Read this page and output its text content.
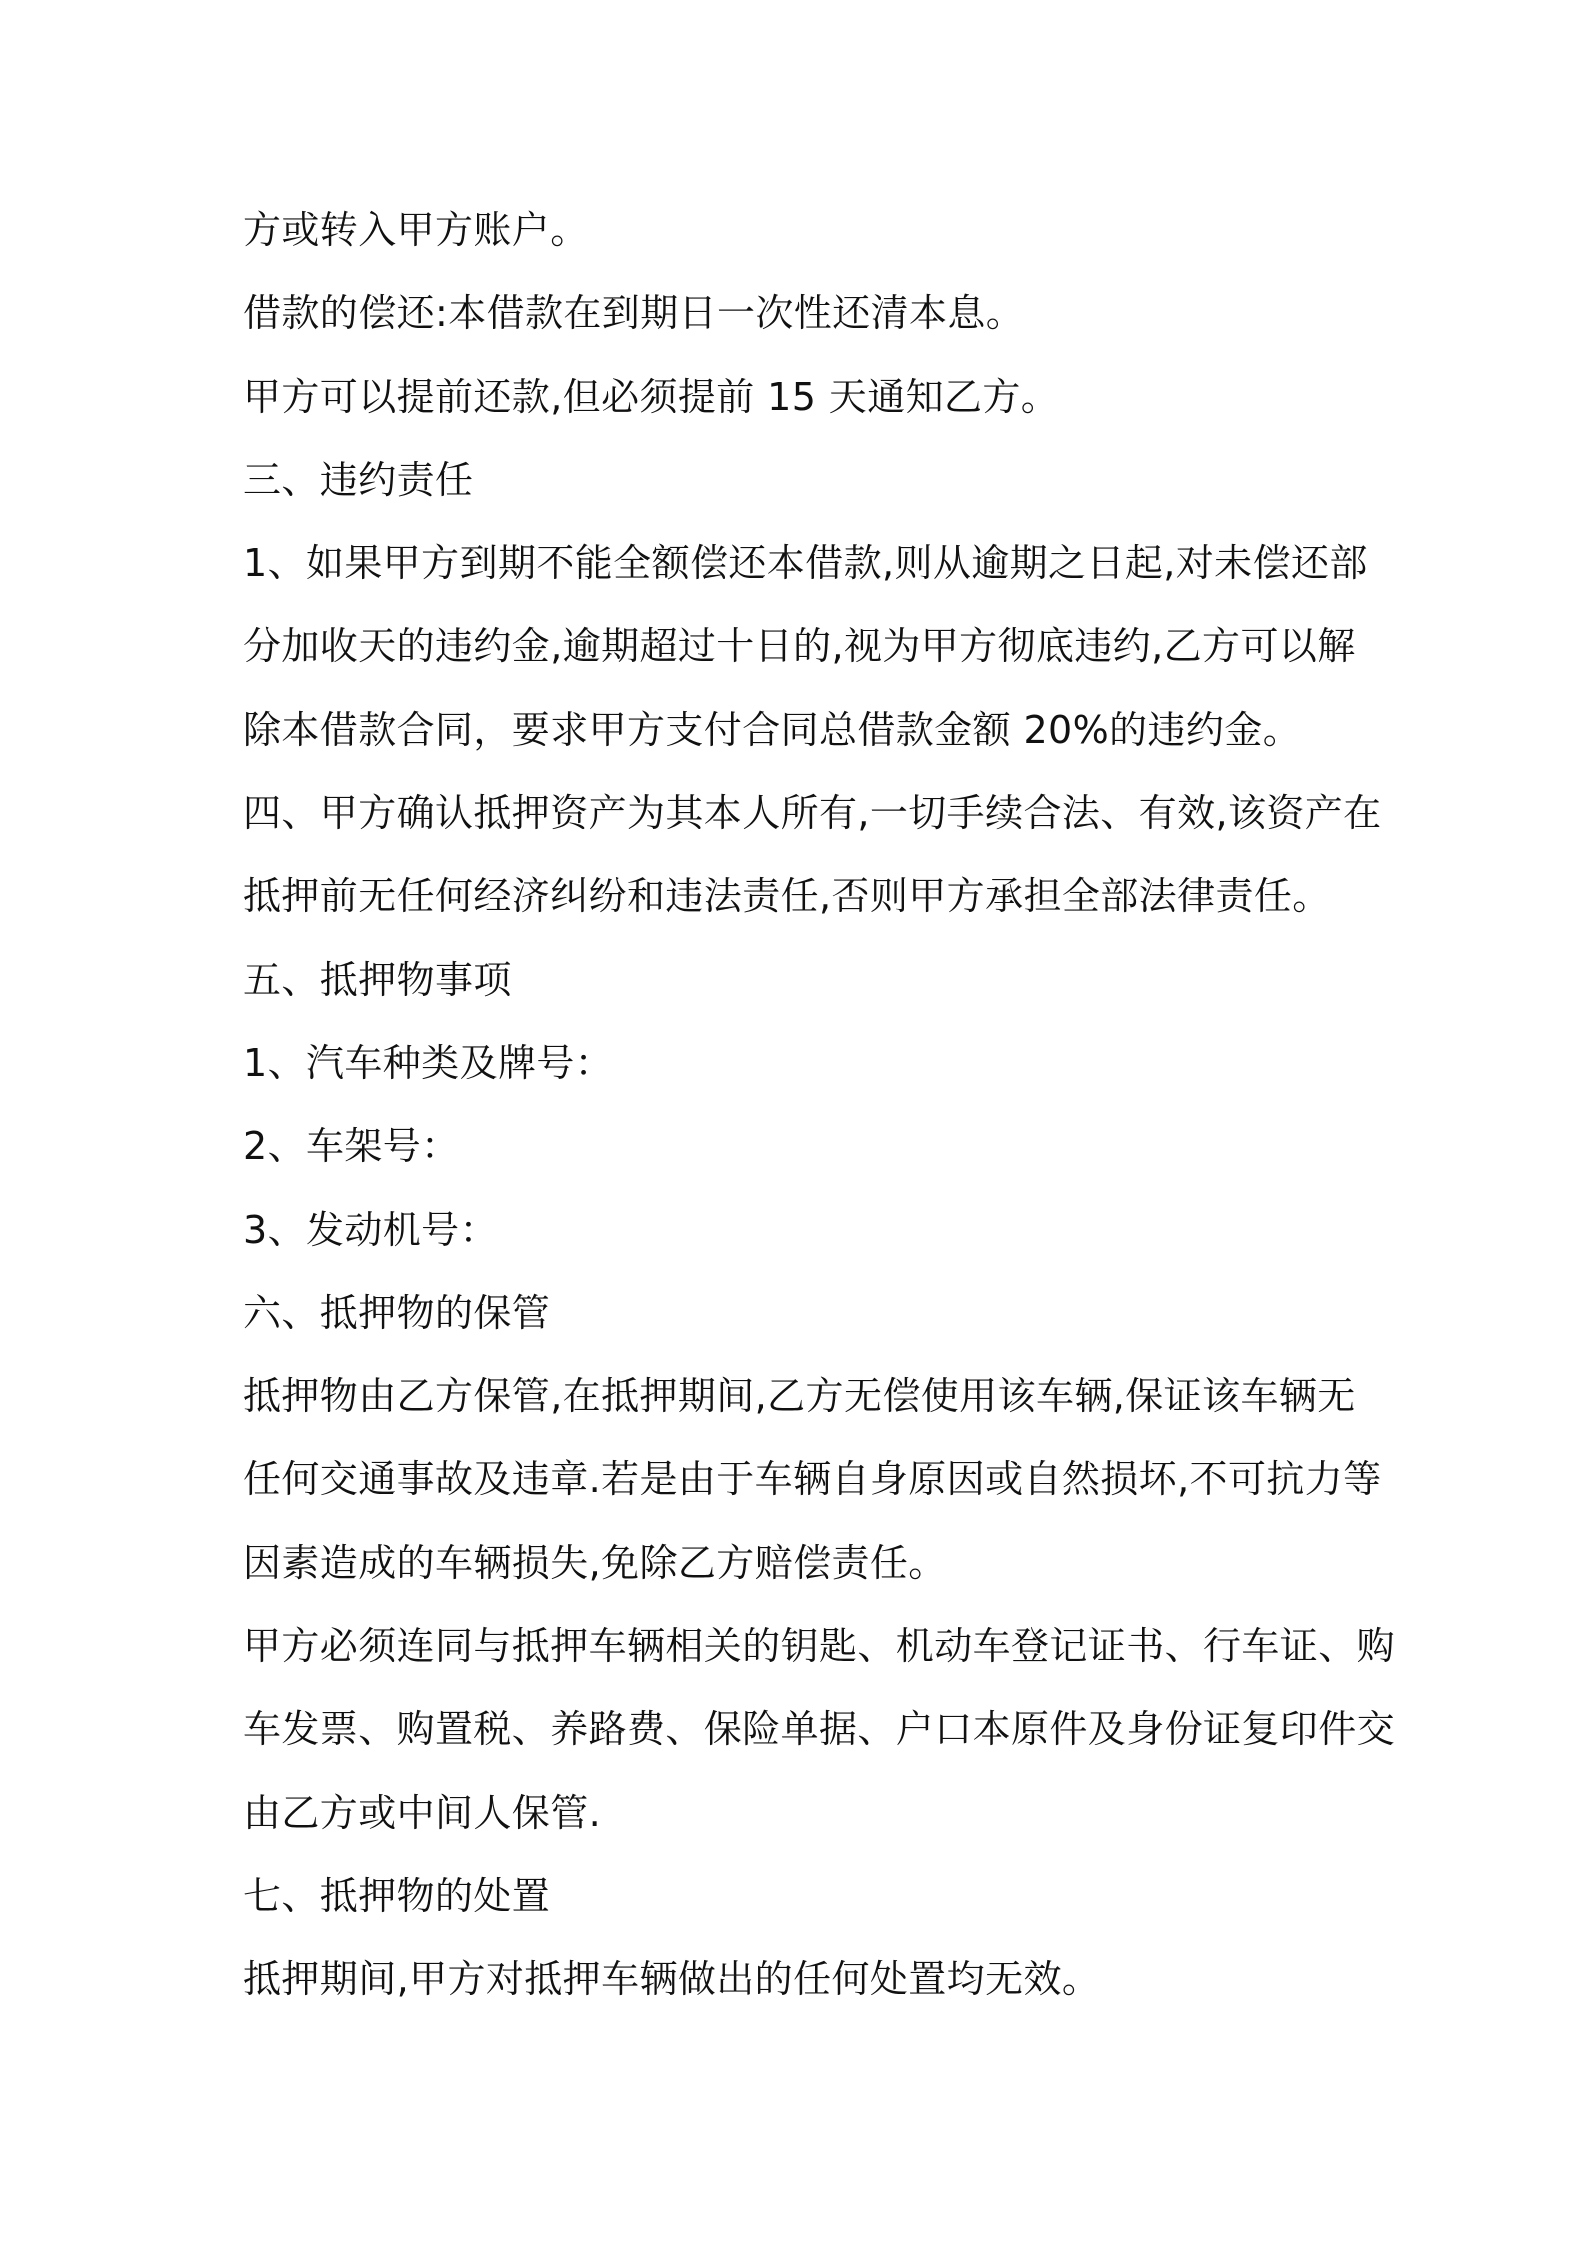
方或转入甲方账户。
借款的偿还:本借款在到期日一次性还清本息。
甲方可以提前还款,但必须提前 15 天通知乙方。
三、违约责任
1、如果甲方到期不能全额偿还本借款,则从逾期之日起,对未偿还部
分加收天的违约金,逾期超过十日的,视为甲方彻底违约,乙方可以解
除本借款合同，要求甲方支付合同总借款金额 20%的违约金。
四、甲方确认抵押资产为其本人所有,一切手续合法、有效,该资产在
抵押前无任何经济纠纷和违法责任,否则甲方承担全部法律责任。
五、抵押物事项
1、汽车种类及牌号：
2、车架号：
3、发动机号：
六、抵押物的保管
抵押物由乙方保管,在抵押期间,乙方无偿使用该车辆,保证该车辆无
任何交通事故及违章.若是由于车辆自身原因或自然损坏,不可抗力等
因素造成的车辆损失,免除乙方赔偿责任。
甲方必须连同与抵押车辆相关的钥匙、机动车登记证书、行车证、购
车发票、购置税、养路费、保险单据、户口本原件及身份证复印件交
由乙方或中间人保管.
七、抵押物的处置
抵押期间,甲方对抵押车辆做出的任何处置均无效。
